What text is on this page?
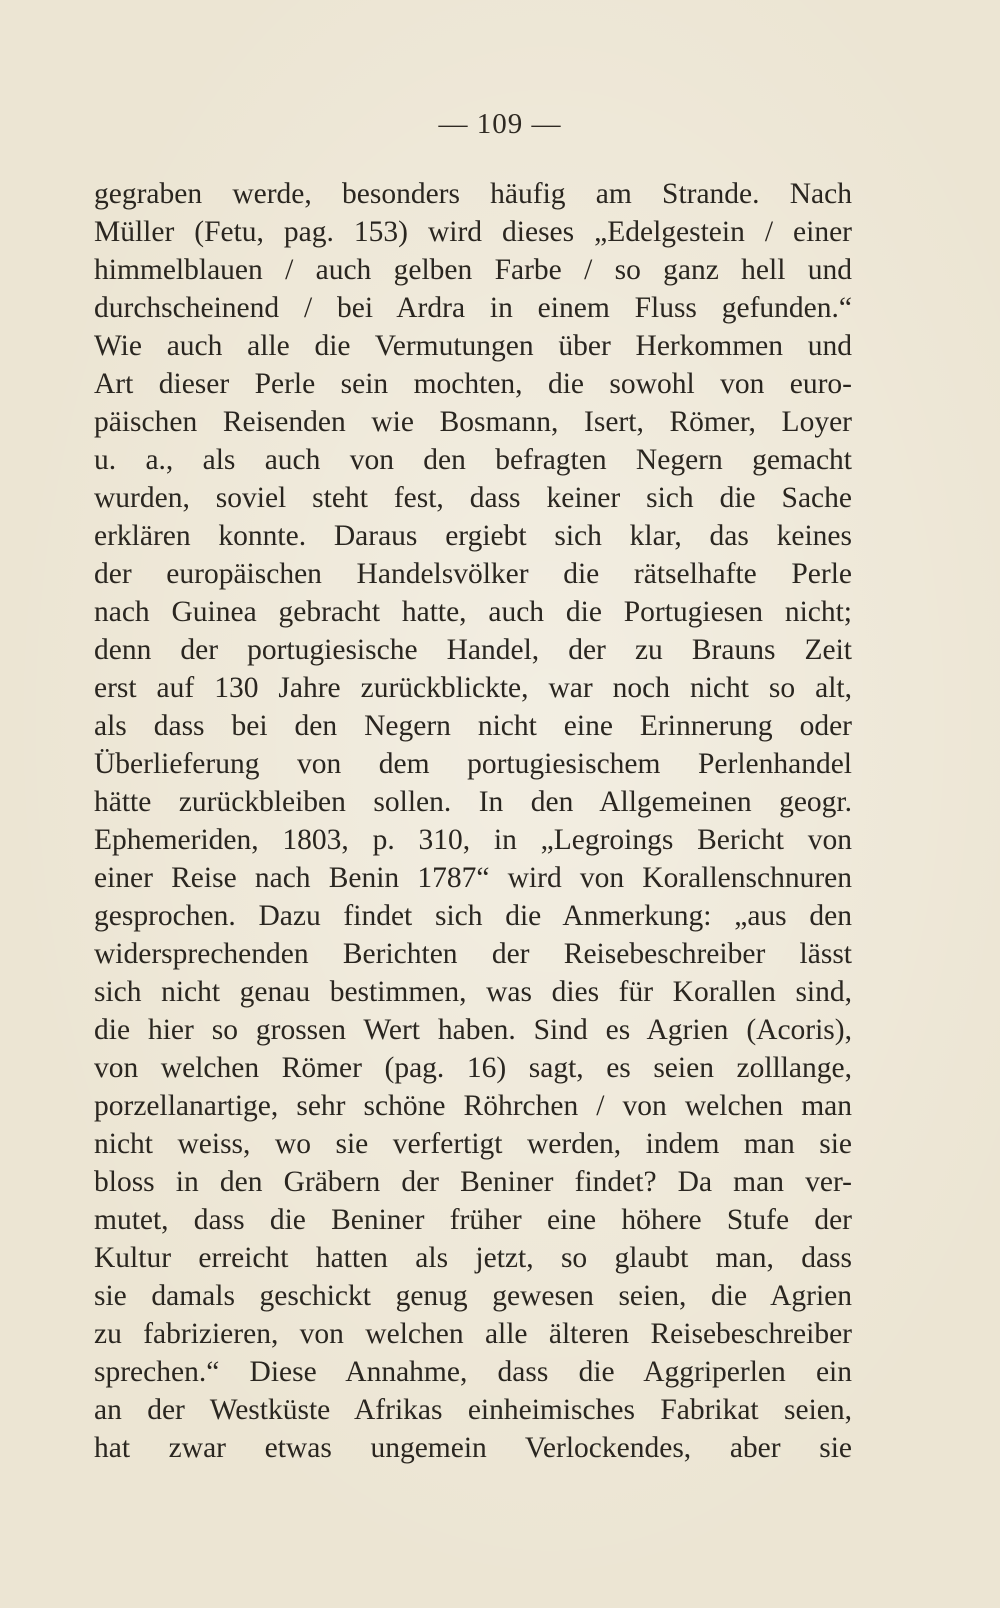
— 109 —
gegraben werde, besonders häufig am Strande. Nach
Müller (Fetu, pag. 153) wird dieses „Edelgestein / einer
himmelblauen / auch gelben Farbe / so ganz hell und
durchscheinend / bei Ardra in einem Fluss gefunden.“
Wie auch alle die Vermutungen über Herkommen und
Art dieser Perle sein mochten, die sowohl von euro-
päischen Reisenden wie Bosmann, Isert, Römer, Loyer
u. a., als auch von den befragten Negern gemacht
wurden, soviel steht fest, dass keiner sich die Sache
erklären konnte. Daraus ergiebt sich klar, das keines
der europäischen Handelsvölker die rätselhafte Perle
nach Guinea gebracht hatte, auch die Portugiesen nicht;
denn der portugiesische Handel, der zu Brauns Zeit
erst auf 130 Jahre zurückblickte, war noch nicht so alt,
als dass bei den Negern nicht eine Erinnerung oder
Überlieferung von dem portugiesischem Perlenhandel
hätte zurückbleiben sollen. In den Allgemeinen geogr.
Ephemeriden, 1803, p. 310, in „Legroings Bericht von
einer Reise nach Benin 1787“ wird von Korallenschnuren
gesprochen. Dazu findet sich die Anmerkung: „aus den
widersprechenden Berichten der Reisebeschreiber lässt
sich nicht genau bestimmen, was dies für Korallen sind,
die hier so grossen Wert haben. Sind es Agrien (Acoris),
von welchen Römer (pag. 16) sagt, es seien zolllange,
porzellanartige, sehr schöne Röhrchen / von welchen man
nicht weiss, wo sie verfertigt werden, indem man sie
bloss in den Gräbern der Beniner findet? Da man ver-
mutet, dass die Beniner früher eine höhere Stufe der
Kultur erreicht hatten als jetzt, so glaubt man, dass
sie damals geschickt genug gewesen seien, die Agrien
zu fabrizieren, von welchen alle älteren Reisebeschreiber
sprechen.“ Diese Annahme, dass die Aggriperlen ein
an der Westküste Afrikas einheimisches Fabrikat seien,
hat zwar etwas ungemein Verlockendes, aber sie
